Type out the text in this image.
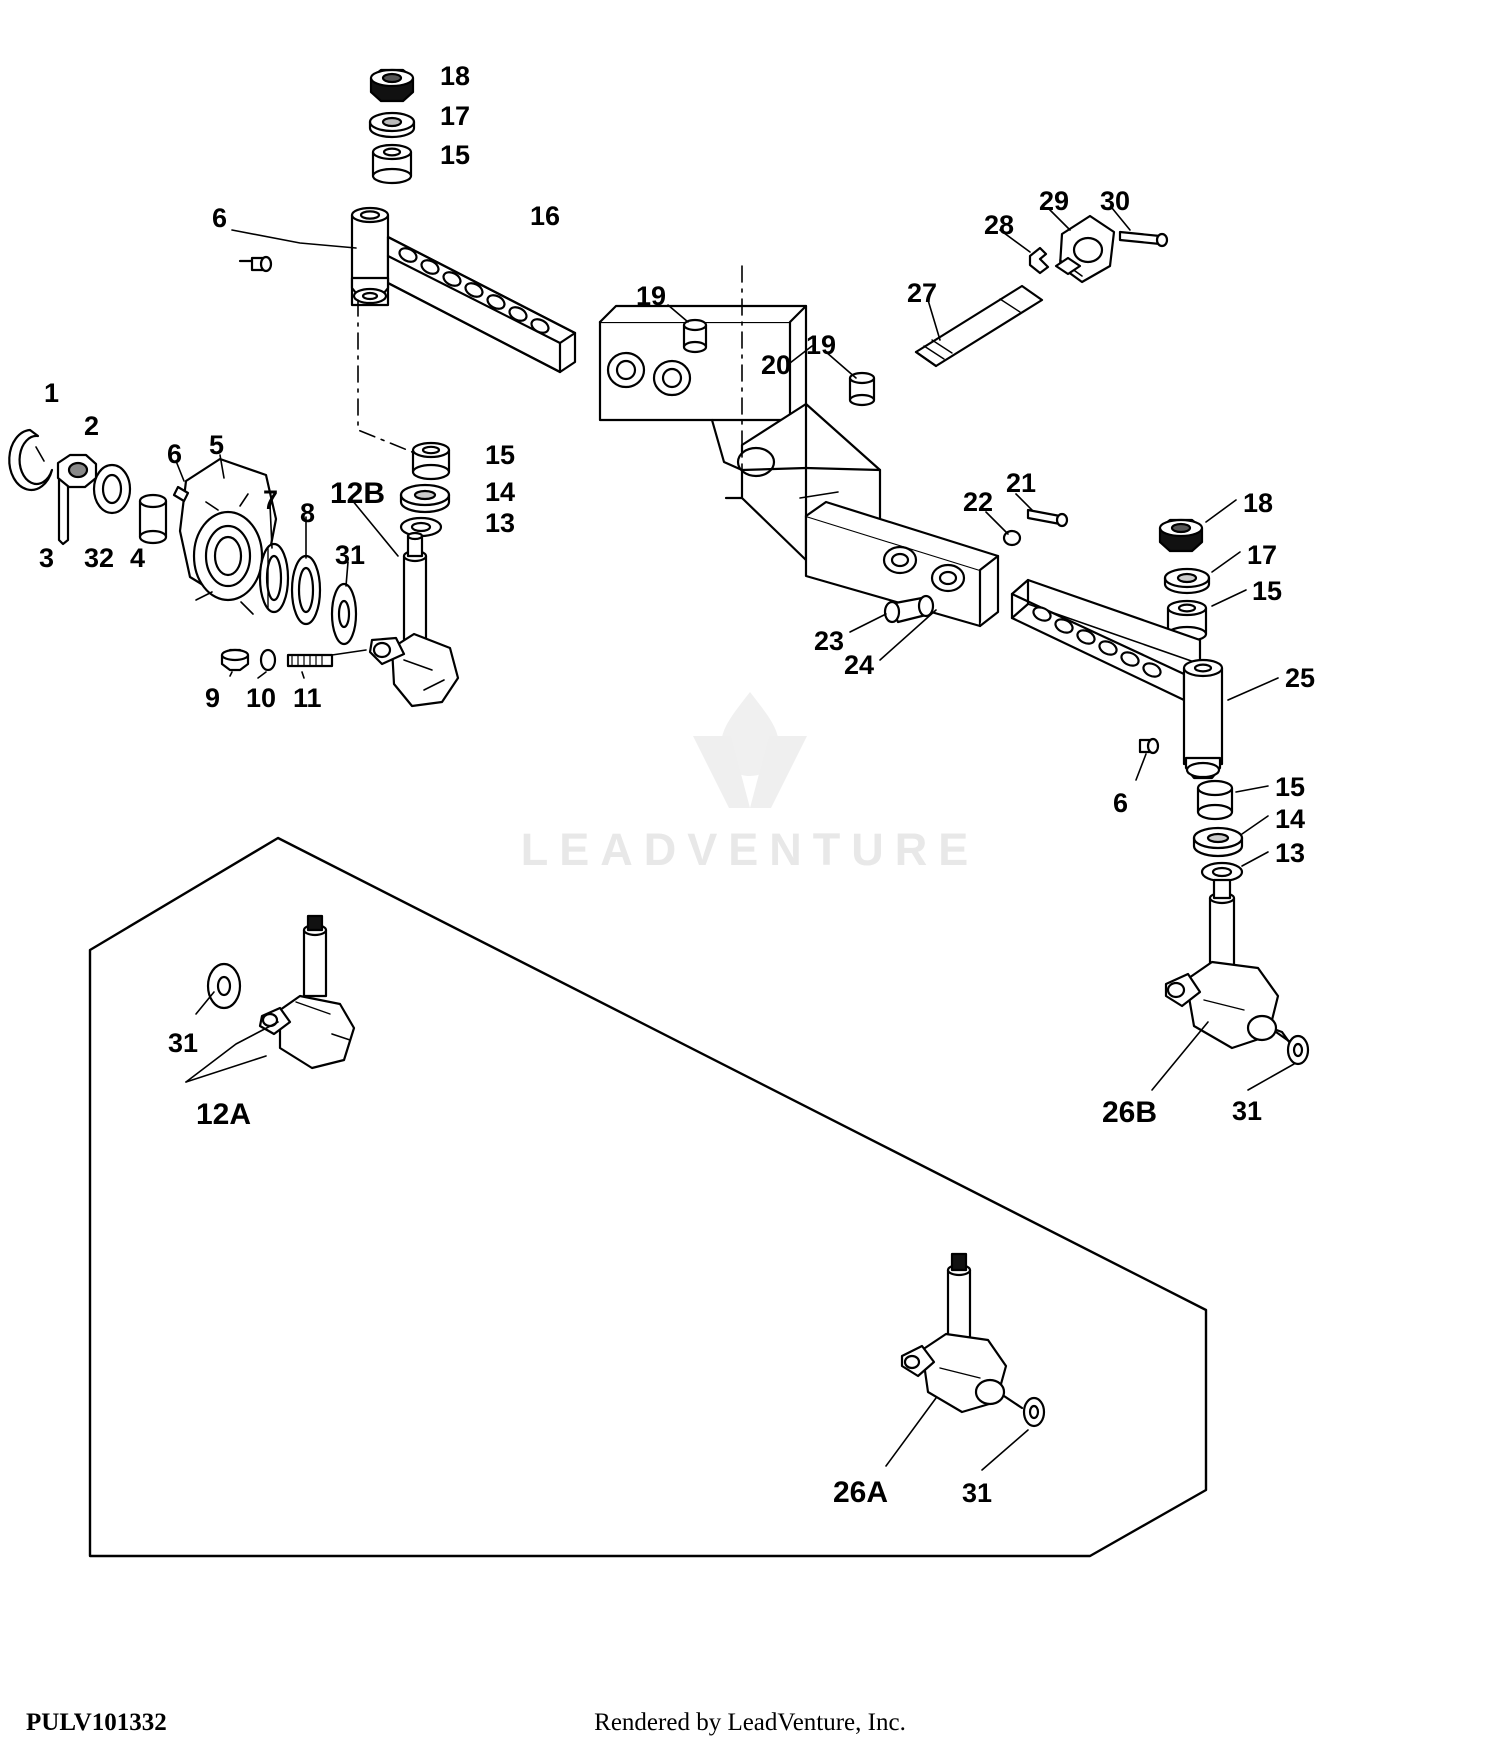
LEADVENTURE
18
17
15
16
6	28
29 30
27
19
19
20
1
2
6 5
3 32 4
7 8
12B
31
15
14
13
22
21
18
17
15
9 10 11
23
24	25
6
15
14
13
31
12A	26B	31
26A	31
PULV101332	Rendered by LeadVenture, Inc.
